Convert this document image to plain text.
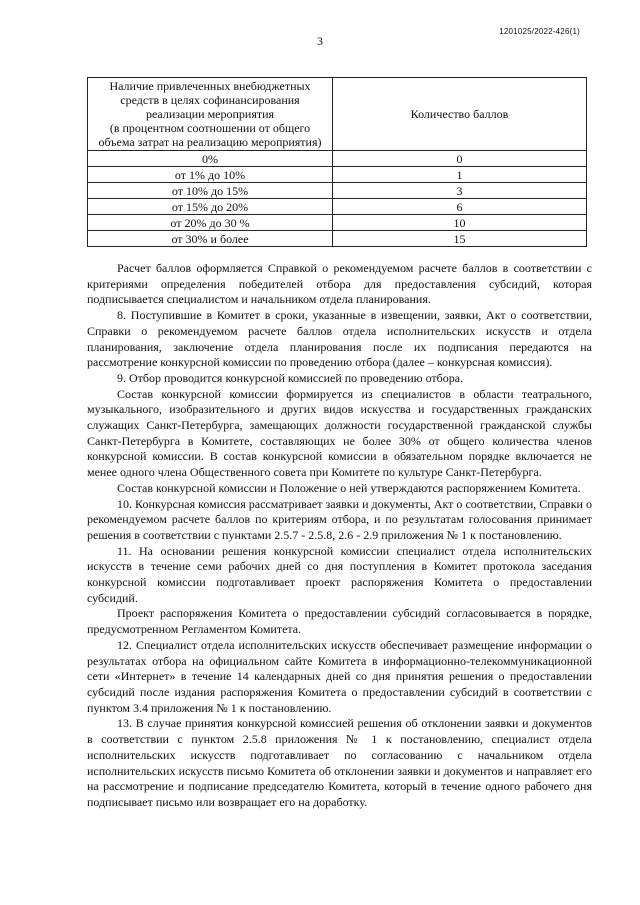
1201025/2022-426(1)
3
Наличие привлеченных внебюджетных
средств в целях софинансирования
реализации мероприятия
(в процентном соотношении от общего
объема затрат на реализацию мероприятия)	Количество баллов
0%	0
от 1% до 10%	1
от 10% до 15%	3
от 15% до 20%	6
от 20% до 30 %	10
от 30% и более	15

Расчет баллов оформляется Справкой о рекомендуемом расчете баллов в соответствии с критериями определения победителей отбора для предоставления субсидий, которая подписывается специалистом и начальником отдела планирования.

8. Поступившие в Комитет в сроки, указанные в извещении, заявки, Акт о соответствии, Справки о рекомендуемом расчете баллов отдела исполнительских искусств и отдела планирования, заключение отдела планирования после их подписания передаются на рассмотрение конкурсной комиссии по проведению отбора (далее – конкурсная комиссия).

9. Отбор проводится конкурсной комиссией по проведению отбора.

Состав конкурсной комиссии формируется из специалистов в области театрального, музыкального, изобразительного и других видов искусства и государственных гражданских служащих Санкт-Петербурга, замещающих должности государственной гражданской службы Санкт-Петербурга в Комитете, составляющих не более 30% от общего количества членов конкурсной комиссии. В состав конкурсной комиссии в обязательном порядке включается не менее одного члена Общественного совета при Комитете по культуре Санкт-Петербурга.

Состав конкурсной комиссии и Положение о ней утверждаются распоряжением Комитета.

10. Конкурсная комиссия рассматривает заявки и документы, Акт о соответствии, Справки о рекомендуемом расчете баллов по критериям отбора, и по результатам голосования принимает решения в соответствии с пунктами 2.5.7 - 2.5.8, 2.6 - 2.9 приложения № 1 к постановлению.

11. На основании решения конкурсной комиссии специалист отдела исполнительских искусств в течение семи рабочих дней со дня поступления в Комитет протокола заседания конкурсной комиссии подготавливает проект распоряжения Комитета о предоставлении субсидий.

Проект распоряжения Комитета о предоставлении субсидий согласовывается в порядке, предусмотренном Регламентом Комитета.

12. Специалист отдела исполнительских искусств обеспечивает размещение информации о результатах отбора на официальном сайте Комитета в информационно-телекоммуникационной сети «Интернет» в течение 14 календарных дней со дня принятия решения о предоставлении субсидий после издания распоряжения Комитета о предоставлении субсидий в соответствии с пунктом 3.4 приложения № 1 к постановлению.

13. В случае принятия конкурсной комиссией решения об отклонении заявки и документов в соответствии с пунктом 2.5.8 приложения № 1 к постановлению, специалист отдела исполнительских искусств подготавливает по согласованию с начальником отдела исполнительских искусств письмо Комитета об отклонении заявки и документов и направляет его на рассмотрение и подписание председателю Комитета, который в течение одного рабочего дня подписывает письмо или возвращает его на доработку.
